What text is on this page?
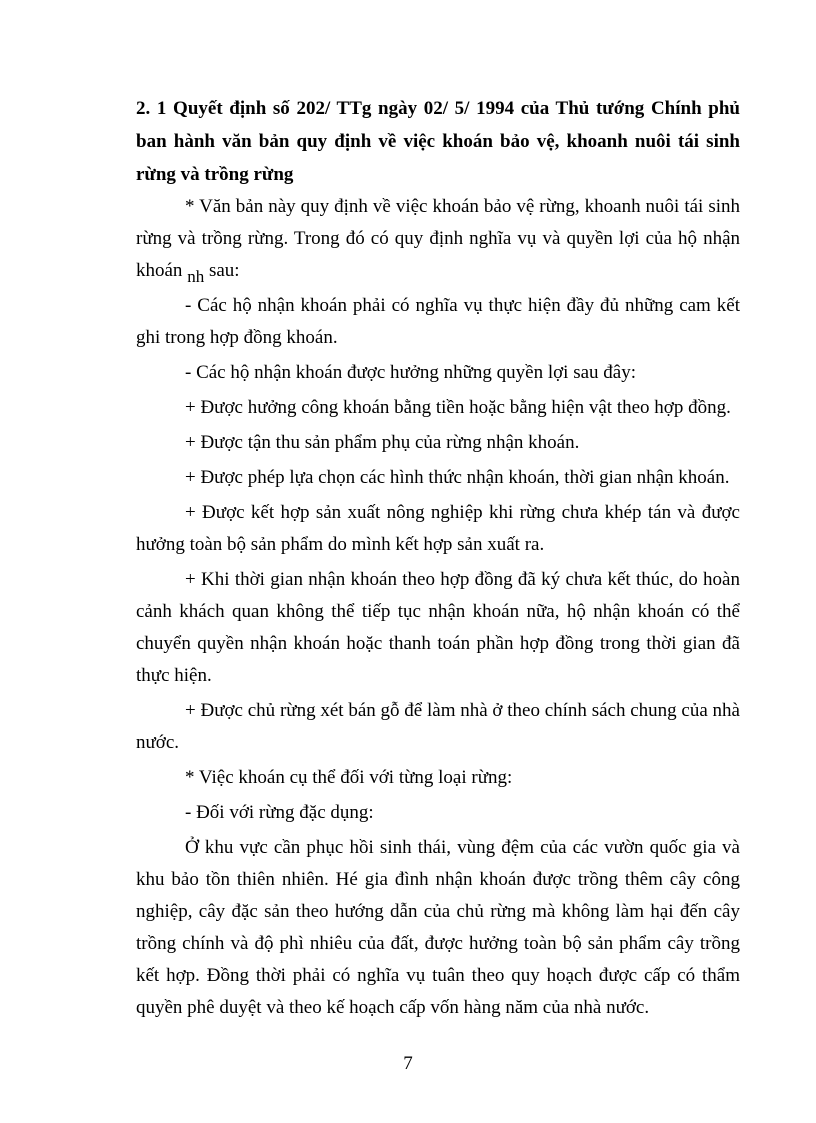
2. 1 Quyết định số 202/ TTg ngày 02/ 5/ 1994 của Thủ tướng Chính phủ ban hành văn bản quy định về việc khoán bảo vệ, khoanh nuôi tái sinh rừng và trồng rừng

* Văn bản này quy định về việc khoán bảo vệ rừng, khoanh nuôi tái sinh rừng và trồng rừng. Trong đó có quy định nghĩa vụ và quyền lợi của hộ nhận khoán nh sau:

- Các hộ nhận khoán phải có nghĩa vụ thực hiện đầy đủ những cam kết ghi trong hợp đồng khoán.

- Các hộ nhận khoán được hưởng những quyền lợi sau đây:

+ Được hưởng công khoán bằng tiền hoặc bằng hiện vật theo hợp đồng.

+ Được tận thu sản phẩm phụ của rừng nhận khoán.

+ Được phép lựa chọn các hình thức nhận khoán, thời gian nhận khoán.

+ Được kết hợp sản xuất nông nghiệp khi rừng chưa khép tán và được hưởng toàn bộ sản phẩm do mình kết hợp sản xuất ra.

+ Khi thời gian nhận khoán theo hợp đồng đã ký chưa kết thúc, do hoàn cảnh khách quan không thể tiếp tục nhận khoán nữa, hộ nhận khoán có thể chuyển quyền nhận khoán hoặc thanh toán phần hợp đồng trong thời gian đã thực hiện.

+ Được chủ rừng xét bán gỗ để làm nhà ở theo chính sách chung của nhà nước.

* Việc khoán cụ thể đối với từng loại rừng:

- Đối với rừng đặc dụng:

Ở khu vực cần phục hồi sinh thái, vùng đệm của các vườn quốc gia và khu bảo tồn thiên nhiên. Hé gia đình nhận khoán được trồng thêm cây công nghiệp, cây đặc sản theo hướng dẫn của chủ rừng mà không làm hại đến cây trồng chính và độ phì nhiêu của đất, được hưởng toàn bộ sản phẩm cây trồng kết hợp. Đồng thời phải có nghĩa vụ tuân theo quy hoạch được cấp có thẩm quyền phê duyệt và theo kế hoạch cấp vốn hàng năm của nhà nước.

7
